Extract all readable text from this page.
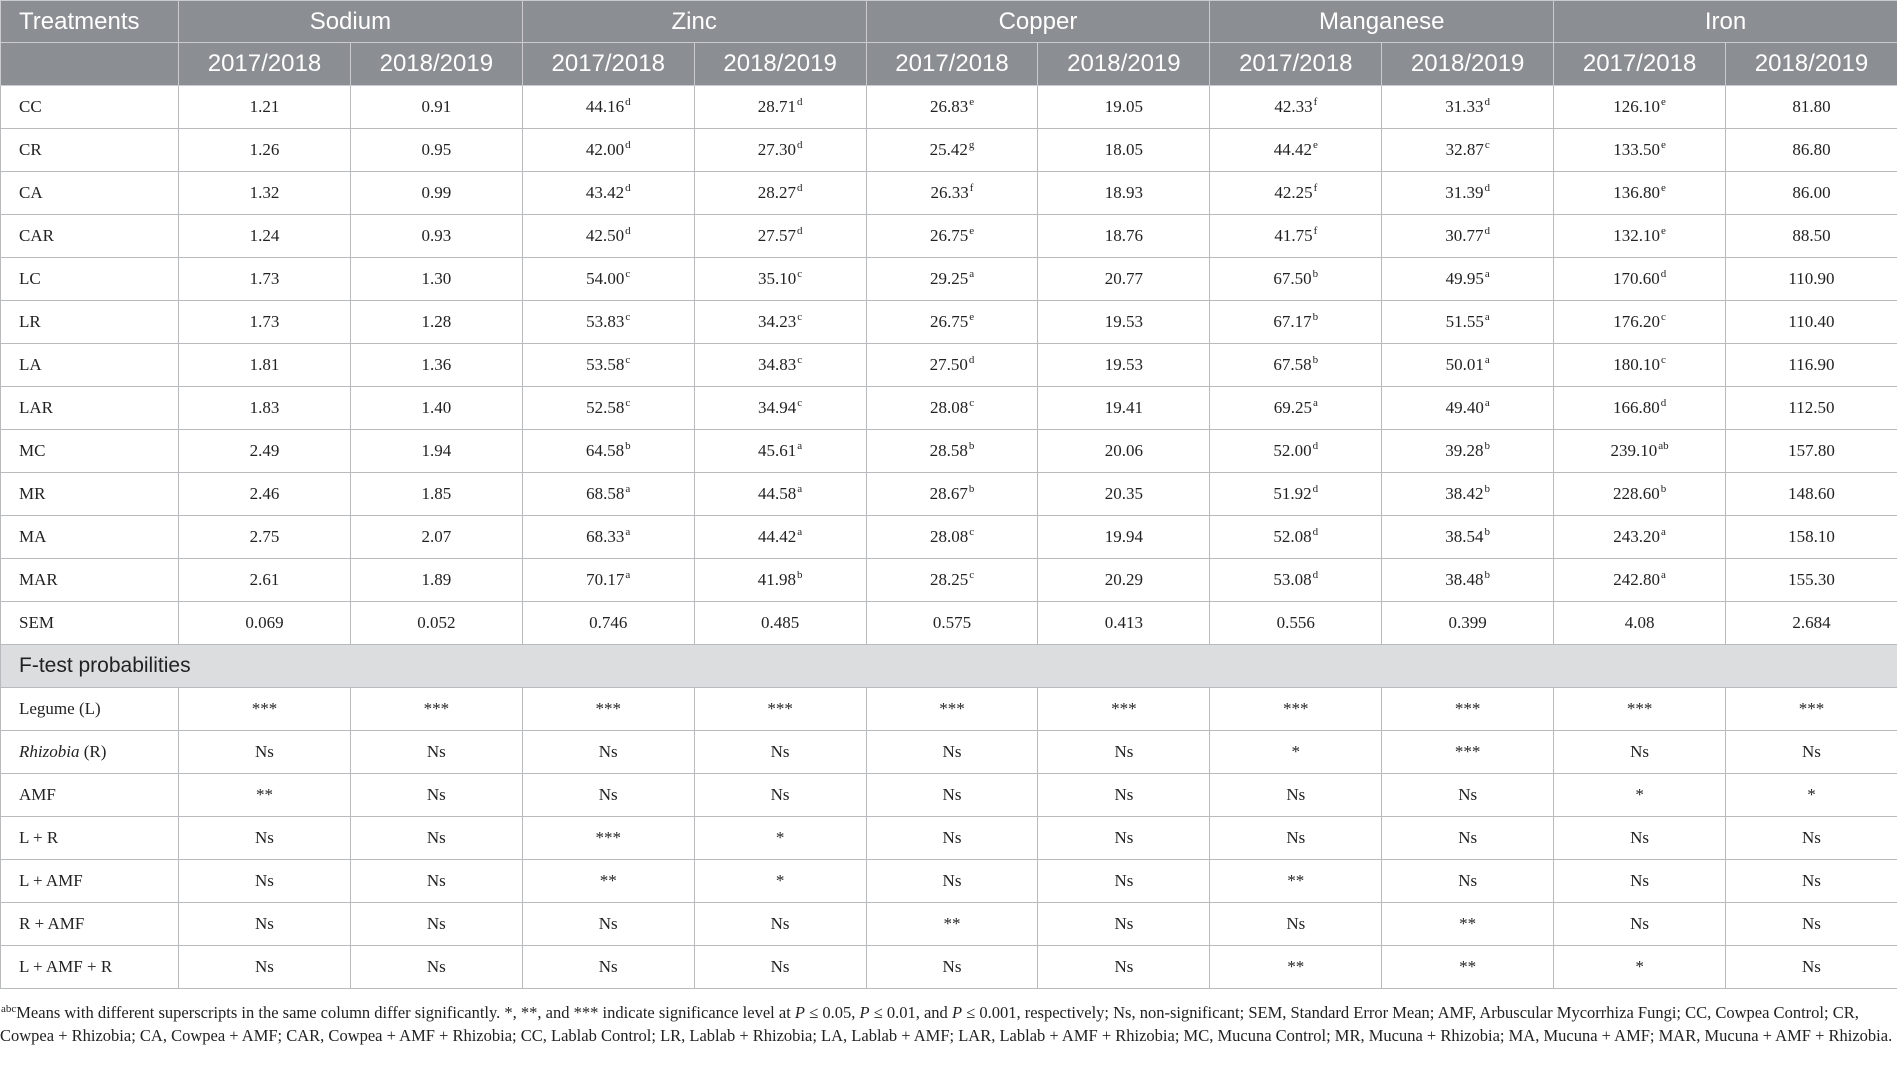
Treatments	Sodium		Zinc		Copper		Manganese		Iron	
	2017/2018	2018/2019	2017/2018	2018/2019	2017/2018	2018/2019	2017/2018	2018/2019	2017/2018	2018/2019
CC	1.21	0.91	44.16$^d$	28.71$^d$	26.83e	19.05	42.33$^f$	31.33$^d$	126.10e	81.80
CR	1.26	0.95	42.00$^d$	27.30$^d$	25.42$^g$	18.05	44.42e	32.87$^c$	133.50e	86.80
CA	1.32	0.99	43.42$^d$	28.27$^d$	26.33$^f$	18.93	42.25$^f$	31.39$^d$	136.80e	86.00
CAR	1.24	0.93	42.50$^d$	27.57$^d$	26.75e	18.76	41.75$^f$	30.77$^d$	132.10e	88.50
LC	1.73	1.30	54.00$^c$	35.10$^c$	29.25$^a$	20.77	67.50$^b$	49.95$^a$	170.60$^d$	110.90
LR	1.73	1.28	53.83$^c$	34.23$^c$	26.75e	19.53	67.17$^b$	51.55$^a$	176.20$^c$	110.40
LA	1.81	1.36	53.58$^c$	34.83$^c$	27.50$^d$	19.53	67.58$^b$	50.01$^a$	180.10$^c$	116.90
LAR	1.83	1.40	52.58$^c$	34.94$^c$	28.08$^c$	19.41	69.25$^a$	49.40$^a$	166.80$^d$	112.50
MC	2.49	1.94	64.58$^b$	45.61$^a$	28.58$^b$	20.06	52.00$^d$	39.28$^b$	239.10$^{ab}$	157.80
MR	2.46	1.85	68.58$^a$	44.58$^a$	28.67$^b$	20.35	51.92$^d$	38.42$^b$	228.60$^b$	148.60
MA	2.75	2.07	68.33$^a$	44.42$^a$	28.08$^c$	19.94	52.08$^d$	38.54$^b$	243.20$^a$	158.10
MAR	2.61	1.89	70.17$^a$	41.98$^b$	28.25$^c$	20.29	53.08$^d$	38.48$^b$	242.80$^a$	155.30
SEM	0.069	0.052	0.746	0.485	0.575	0.413	0.556	0.399	4.08	2.684
F-test probabilities										
Legume (L)	***	***	***	***	***	***	***	***	***	***
Rhizobia (R)	Ns	Ns	Ns	Ns	Ns	Ns	*	***	Ns	Ns
AMF	**	Ns	Ns	Ns	Ns	Ns	Ns	Ns	*	*
L + R	Ns	Ns	***	*	Ns	Ns	Ns	Ns	Ns	Ns
L + AMF	Ns	Ns	**	*	Ns	Ns	**	Ns	Ns	Ns
R + AMF	Ns	Ns	Ns	Ns	**	Ns	Ns	**	Ns	Ns
L + AMF + R	Ns	Ns	Ns	Ns	Ns	Ns	**	**	*	Ns
$^{abc}$Means with different superscripts in the same column differ significantly. *, **, and *** indicate significance level at P ≤ 0.05, P ≤ 0.01, and P ≤ 0.001, respectively; Ns, non-significant; SEM, Standard Error Mean; AMF, Arbuscular Mycorrhiza Fungi; CC, Cowpea Control; CR, Cowpea + Rhizobia; CA, Cowpea + AMF; CAR, Cowpea + AMF + Rhizobia; CC, Lablab Control; LR, Lablab + Rhizobia; LA, Lablab + AMF; LAR, Lablab + AMF + Rhizobia; MC, Mucuna Control; MR, Mucuna + Rhizobia; MA, Mucuna + AMF; MAR, Mucuna + AMF + Rhizobia.
